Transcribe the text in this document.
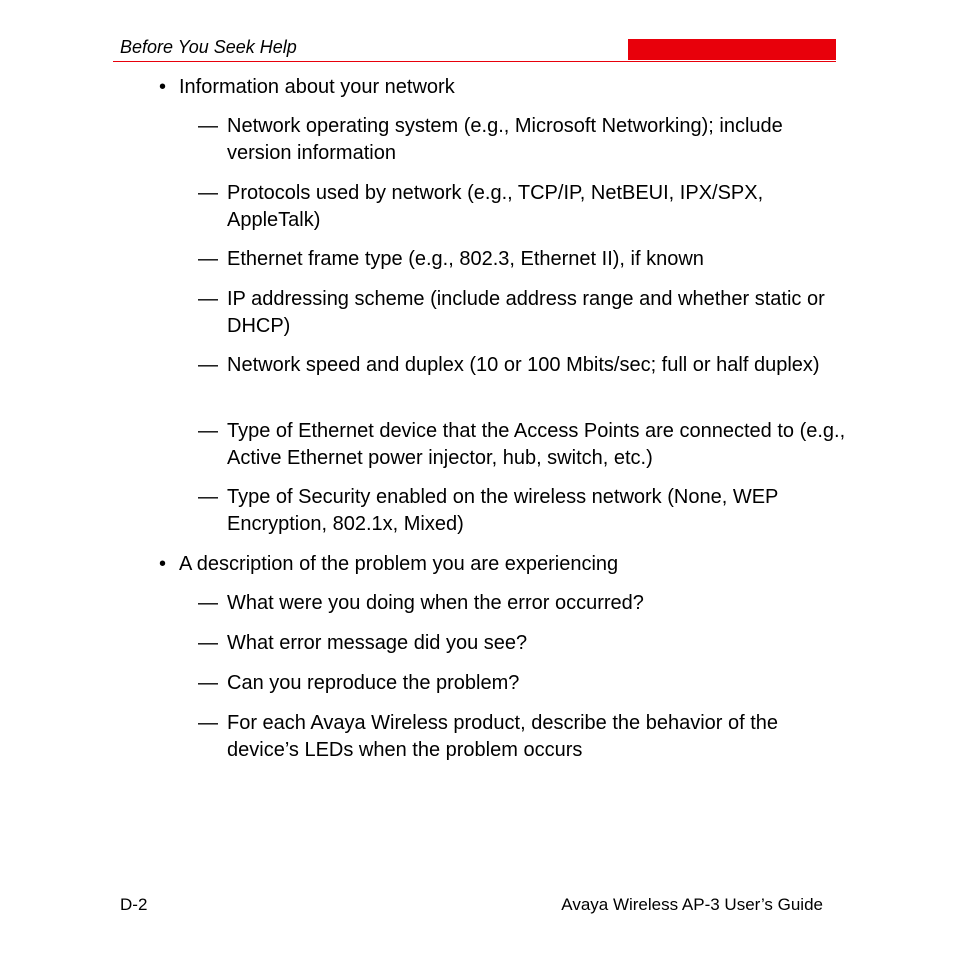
Before You Seek Help
• Information about your network
— Network operating system (e.g., Microsoft Networking); include version information
— Protocols used by network (e.g., TCP/IP, NetBEUI, IPX/SPX, AppleTalk)
— Ethernet frame type (e.g., 802.3, Ethernet II), if known
— IP addressing scheme (include address range and whether static or DHCP)
— Network speed and duplex (10 or 100 Mbits/sec; full or half duplex)
— Type of Ethernet device that the Access Points are connected to (e.g., Active Ethernet power injector, hub, switch, etc.)
— Type of Security enabled on the wireless network (None, WEP Encryption, 802.1x, Mixed)
• A description of the problem you are experiencing
— What were you doing when the error occurred?
— What error message did you see?
— Can you reproduce the problem?
— For each Avaya Wireless product, describe the behavior of the device’s LEDs when the problem occurs
D-2	Avaya Wireless AP-3 User’s Guide
